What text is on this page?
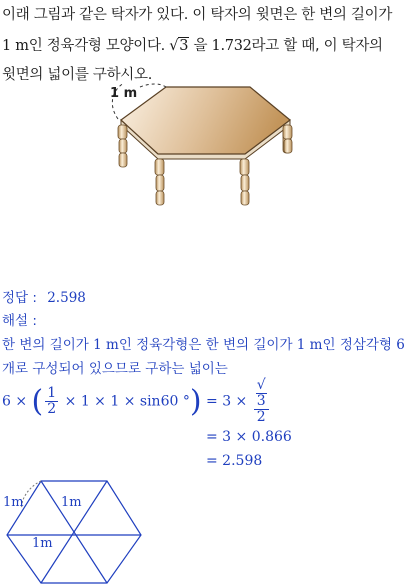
이래 그림과 같은 탁자가 있다. 이 탁자의 윗면은 한 변의 길이가
1 m인 정육각형 모양이다. √3 을 1.732라고 할 때, 이 탁자의
윗면의 넓이를 구하시오.
1 m
정답 : 2.598
해설 :
한 변의 길이가 1 m인 정육각형은 한 변의 길이가 1 m인 정삼각형 6
개로 구성되어 있으므로 구하는 넓이는
6 × ( $\frac{1}{2} \times 1 \times 1 \times \sin 60$ °) = 3 × √
3
2
= 3 × 0.866
= 2.598
1m	1m
1m
